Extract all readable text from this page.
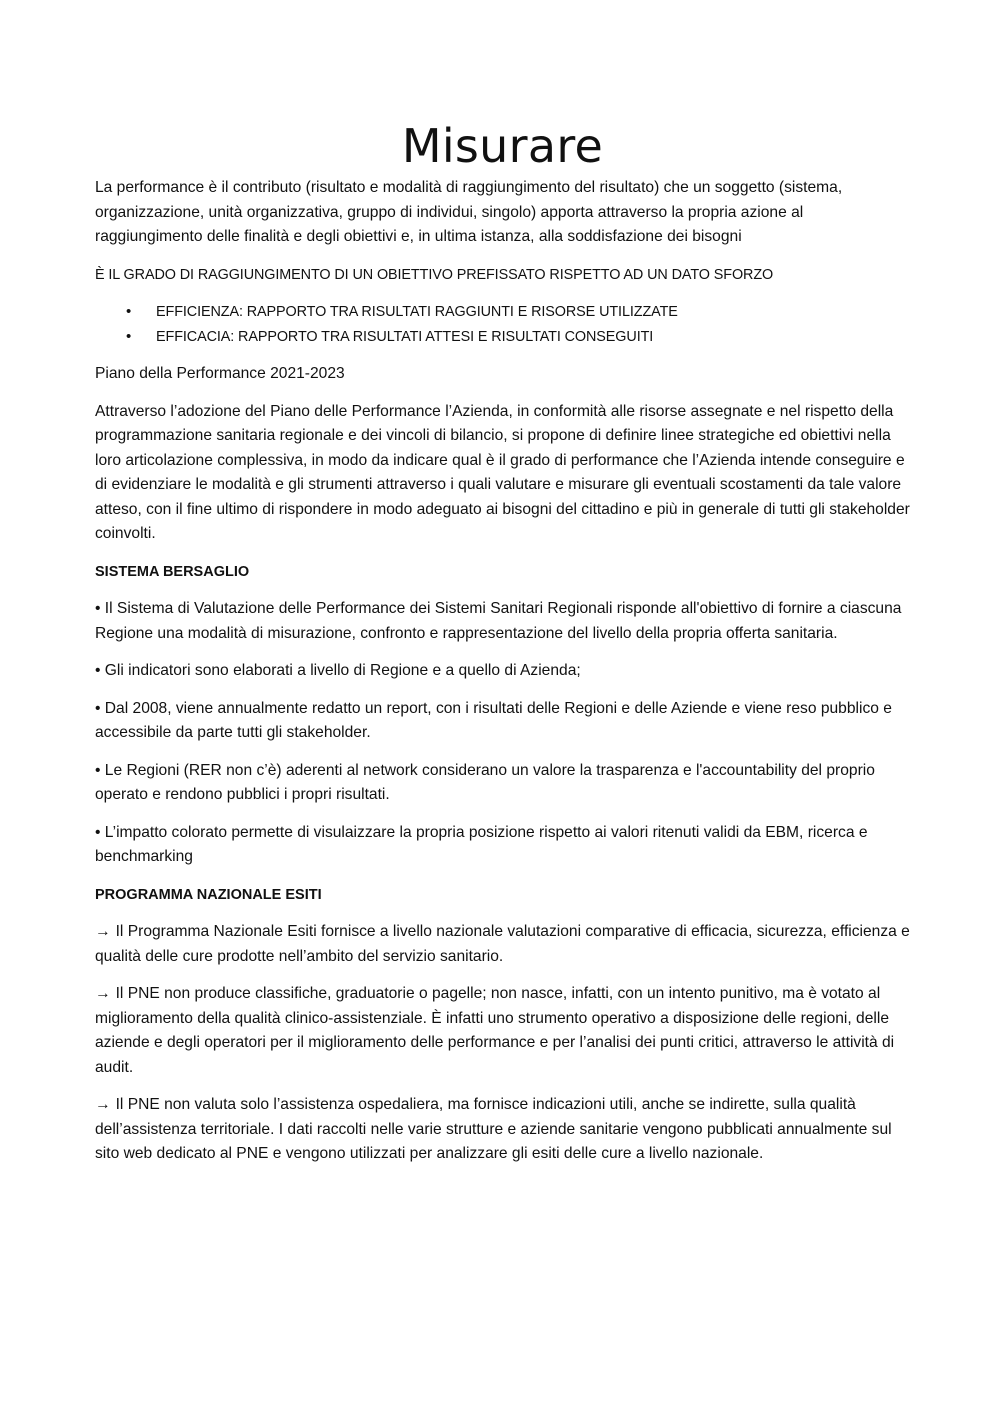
Misurare

La performance è il contributo (risultato e modalità di raggiungimento del risultato) che un soggetto (sistema, organizzazione, unità organizzativa, gruppo di individui, singolo) apporta attraverso la propria azione al raggiungimento delle finalità e degli obiettivi e, in ultima istanza, alla soddisfazione dei bisogni

È IL GRADO DI RAGGIUNGIMENTO DI UN OBIETTIVO PREFISSATO RISPETTO AD UN DATO SFORZO

• EFFICIENZA: RAPPORTO TRA RISULTATI RAGGIUNTI E RISORSE UTILIZZATE
• EFFICACIA: RAPPORTO TRA RISULTATI ATTESI E RISULTATI CONSEGUITI

Piano della Performance 2021-2023

Attraverso l’adozione del Piano delle Performance l’Azienda, in conformità alle risorse assegnate e nel rispetto della programmazione sanitaria regionale e dei vincoli di bilancio, si propone di definire linee strategiche ed obiettivi nella loro articolazione complessiva, in modo da indicare qual è il grado di performance che l’Azienda intende conseguire e di evidenziare le modalità e gli strumenti attraverso i quali valutare e misurare gli eventuali scostamenti da tale valore atteso, con il fine ultimo di rispondere in modo adeguato ai bisogni del cittadino e più in generale di tutti gli stakeholder coinvolti.

SISTEMA BERSAGLIO

• Il Sistema di Valutazione delle Performance dei Sistemi Sanitari Regionali risponde all'obiettivo di fornire a ciascuna Regione una modalità di misurazione, confronto e rappresentazione del livello della propria offerta sanitaria.

• Gli indicatori sono elaborati a livello di Regione e a quello di Azienda;

• Dal 2008, viene annualmente redatto un report, con i risultati delle Regioni e delle Aziende e viene reso pubblico e accessibile da parte tutti gli stakeholder.

• Le Regioni (RER non c’è) aderenti al network considerano un valore la trasparenza e l'accountability del proprio operato e rendono pubblici i propri risultati.

• L’impatto colorato permette di visulaizzare la propria posizione rispetto ai valori ritenuti validi da EBM, ricerca e benchmarking

PROGRAMMA NAZIONALE ESITI

→ Il Programma Nazionale Esiti fornisce a livello nazionale valutazioni comparative di efficacia, sicurezza, efficienza e qualità delle cure prodotte nell’ambito del servizio sanitario.

→ Il PNE non produce classifiche, graduatorie o pagelle; non nasce, infatti, con un intento punitivo, ma è votato al miglioramento della qualità clinico-assistenziale. È infatti uno strumento operativo a disposizione delle regioni, delle aziende e degli operatori per il miglioramento delle performance e per l’analisi dei punti critici, attraverso le attività di audit.

→ Il PNE non valuta solo l’assistenza ospedaliera, ma fornisce indicazioni utili, anche se indirette, sulla qualità dell’assistenza territoriale. I dati raccolti nelle varie strutture e aziende sanitarie vengono pubblicati annualmente sul sito web dedicato al PNE e vengono utilizzati per analizzare gli esiti delle cure a livello nazionale.
